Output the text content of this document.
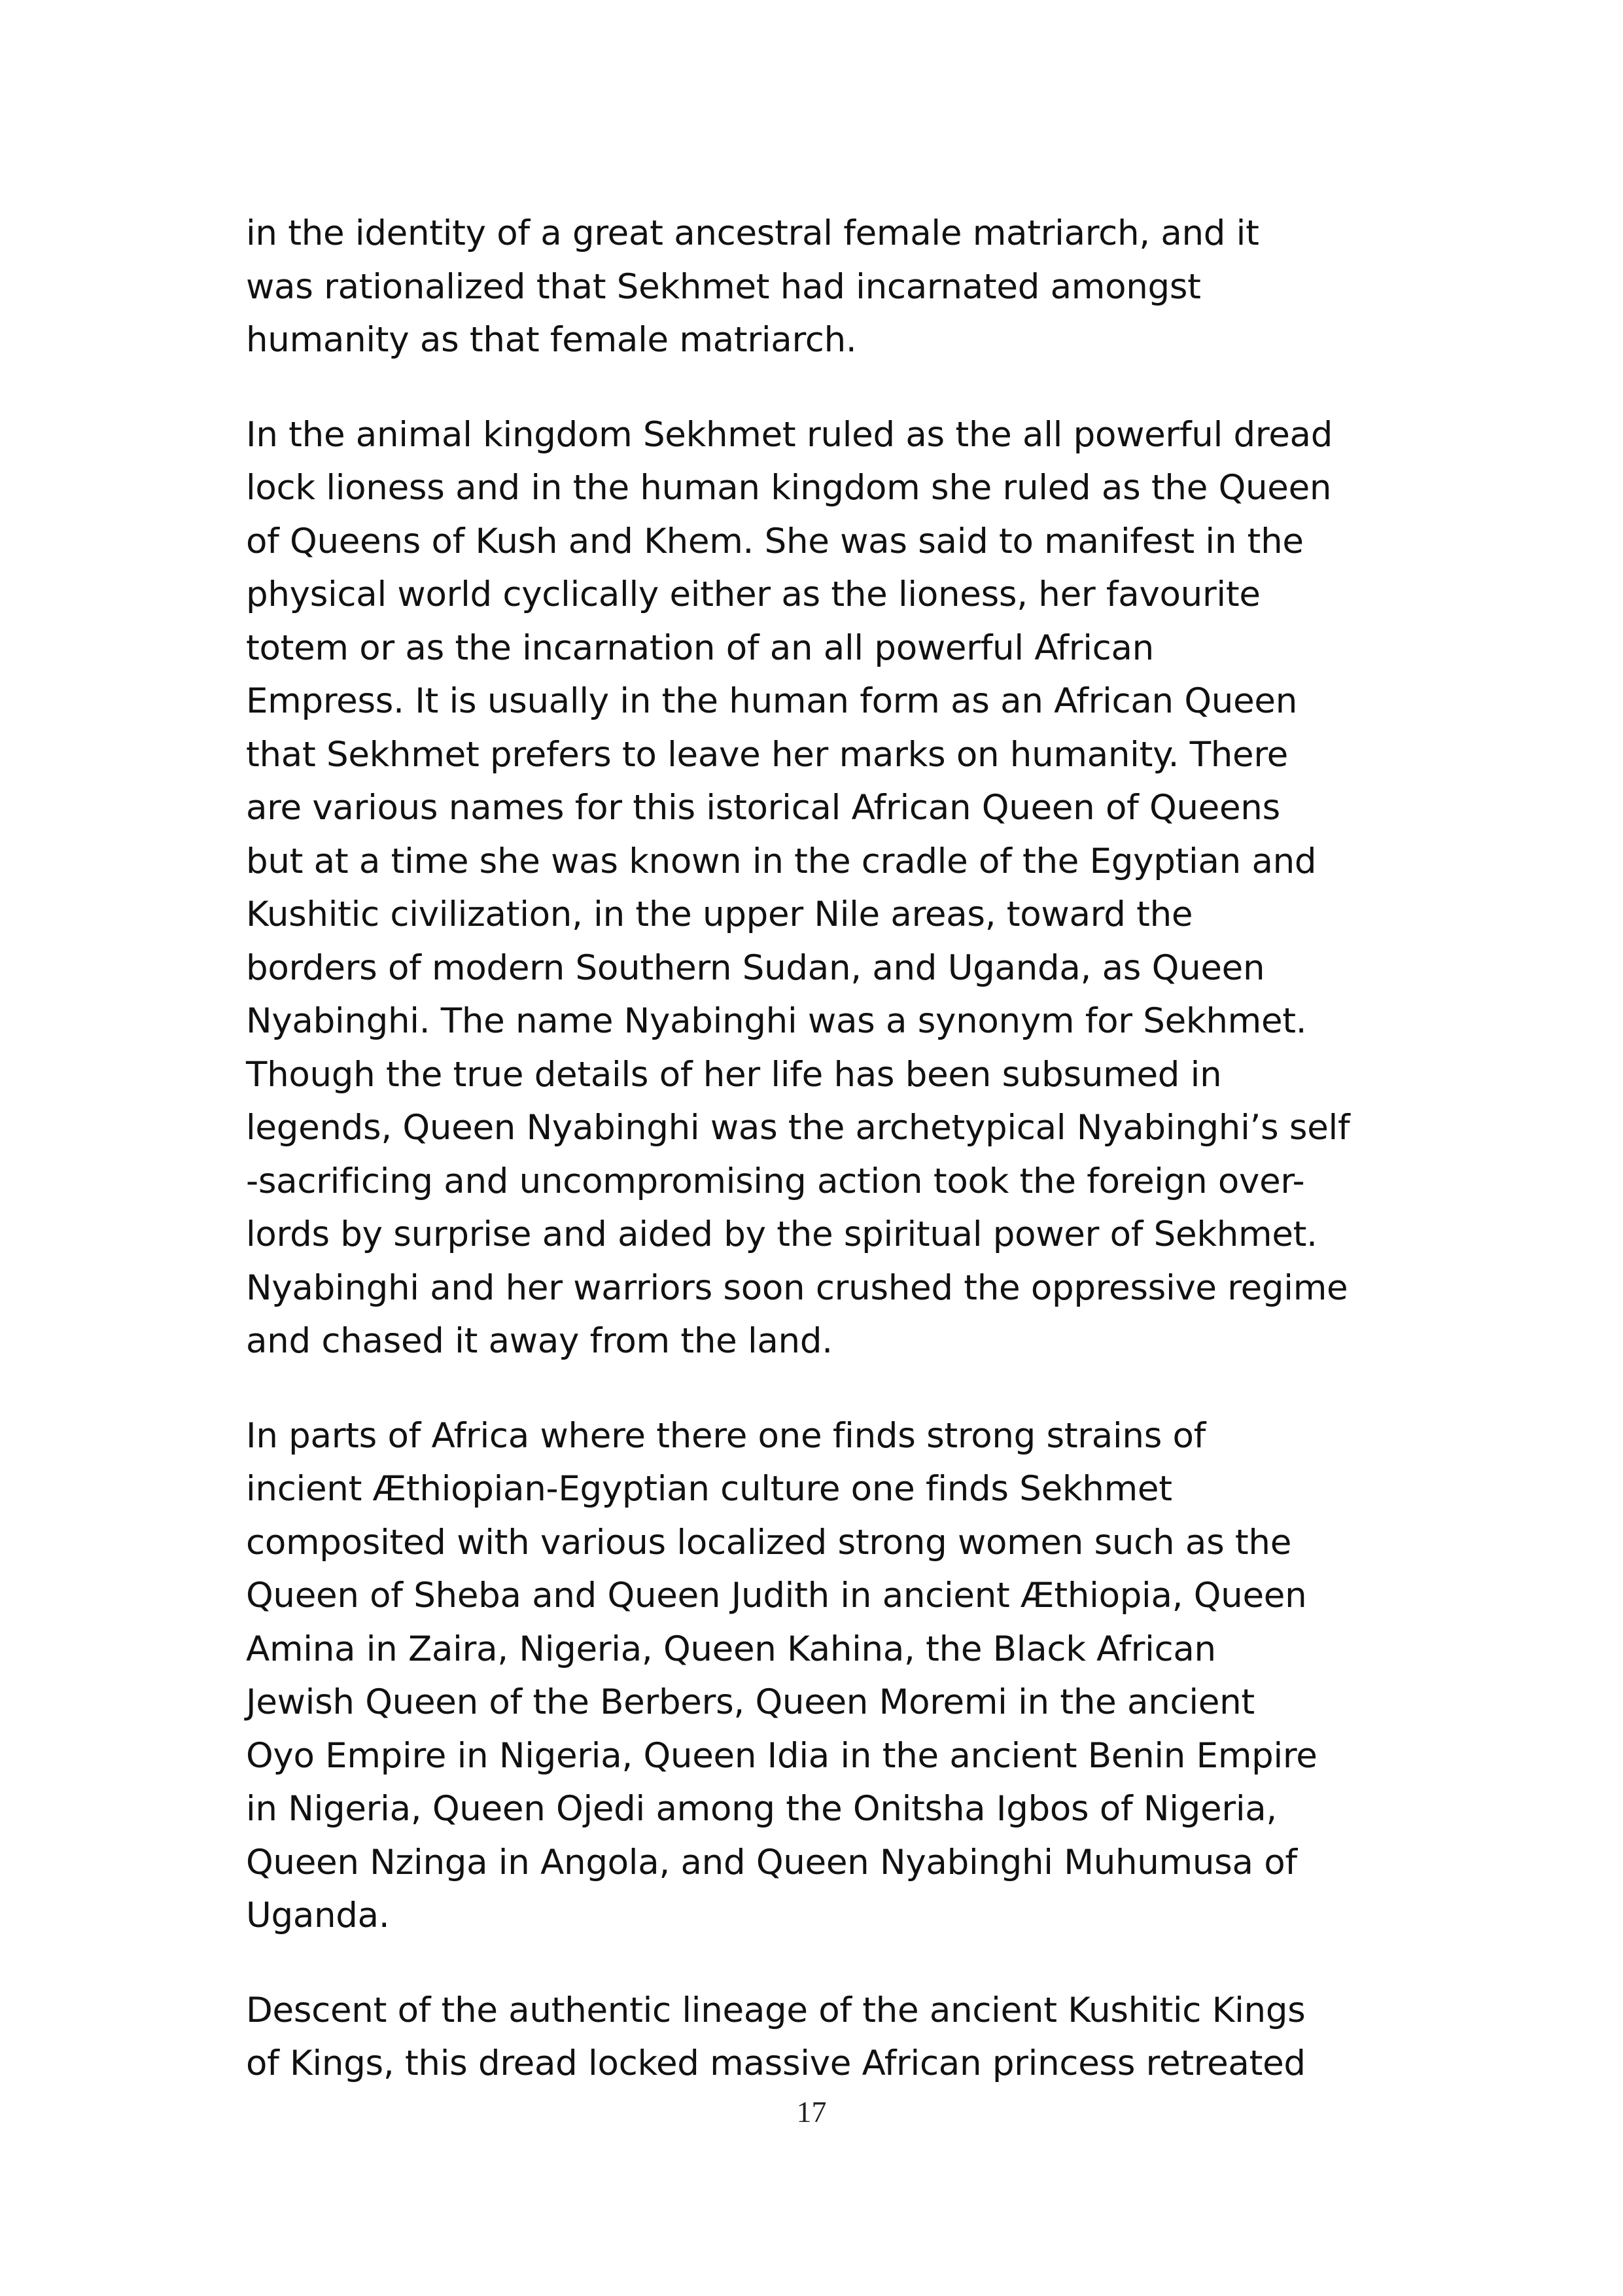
in the identity of a great ancestral female matriarch, and it
was rationalized that Sekhmet had incarnated amongst
humanity as that female matriarch.

In the animal kingdom Sekhmet ruled as the all powerful dread
lock lioness and in the human kingdom she ruled as the Queen
of Queens of Kush and Khem. She was said to manifest in the
physical world cyclically either as the lioness, her favourite
totem or as the incarnation of an all powerful African
Empress. It is usually in the human form as an African Queen
that Sekhmet prefers to leave her marks on humanity. There
are various names for this istorical African Queen of Queens
but at a time she was known in the cradle of the Egyptian and
Kushitic civilization, in the upper Nile areas, toward the
borders of modern Southern Sudan, and Uganda, as Queen
Nyabinghi. The name Nyabinghi was a synonym for Sekhmet.
Though the true details of her life has been subsumed in
legends, Queen Nyabinghi was the archetypical Nyabinghi’s self
-sacrificing and uncompromising action took the foreign over-
lords by surprise and aided by the spiritual power of Sekhmet.
Nyabinghi and her warriors soon crushed the oppressive regime
and chased it away from the land.

In parts of Africa where there one finds strong strains of
incient Æthiopian-Egyptian culture one finds Sekhmet
composited with various localized strong women such as the
Queen of Sheba and Queen Judith in ancient Æthiopia, Queen
Amina in Zaira, Nigeria, Queen Kahina, the Black African
Jewish Queen of the Berbers, Queen Moremi in the ancient
Oyo Empire in Nigeria, Queen Idia in the ancient Benin Empire
in Nigeria, Queen Ojedi among the Onitsha Igbos of Nigeria,
Queen Nzinga in Angola, and Queen Nyabinghi Muhumusa of
Uganda.

Descent of the authentic lineage of the ancient Kushitic Kings
of Kings, this dread locked massive African princess retreated

17
